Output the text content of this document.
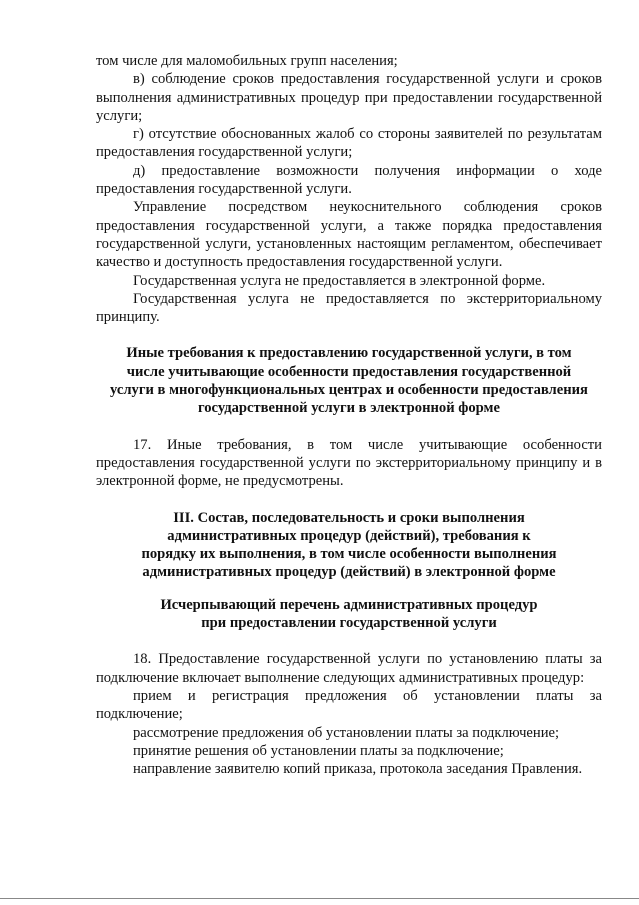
том числе для маломобильных групп населения;

в) соблюдение сроков предоставления государственной услуги и сроков выполнения административных процедур при предоставлении государственной услуги;

г) отсутствие обоснованных жалоб со стороны заявителей по результатам предоставления государственной услуги;

д) предоставление возможности получения информации о ходе предоставления государственной услуги.

Управление посредством неукоснительного соблюдения сроков предоставления государственной услуги, а также порядка предоставления государственной услуги, установленных настоящим регламентом, обеспечивает качество и доступность предоставления государственной услуги.

Государственная услуга не предоставляется в электронной форме.

Государственная услуга не предоставляется по экстерриториальному принципу.

Иные требования к предоставлению государственной услуги, в том числе учитывающие особенности предоставления государственной услуги в многофункциональных центрах и особенности предоставления государственной услуги в электронной форме

17. Иные требования, в том числе учитывающие особенности предоставления государственной услуги по экстерриториальному принципу и в электронной форме, не предусмотрены.

III. Состав, последовательность и сроки выполнения административных процедур (действий), требования к порядку их выполнения, в том числе особенности выполнения административных процедур (действий) в электронной форме

Исчерпывающий перечень административных процедур при предоставлении государственной услуги

18. Предоставление государственной услуги по установлению платы за подключение включает выполнение следующих административных процедур:

прием и регистрация предложения об установлении платы за подключение;

рассмотрение предложения об установлении платы за подключение;

принятие решения об установлении платы за подключение;

направление заявителю копий приказа, протокола заседания Правления.
